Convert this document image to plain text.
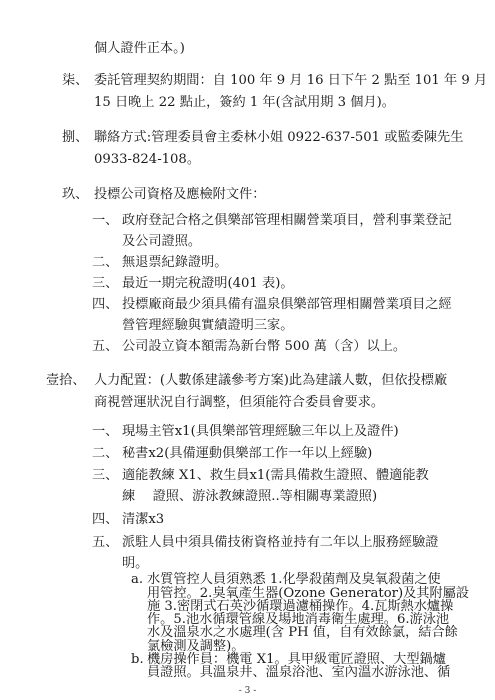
個人證件正本。)
柒、 委託管理契約期間：自 100 年 9 月 16 日下午 2 點至 101 年 9 月
15 日晚上 22 點止，簽約 1 年(含試用期 3 個月)。
捌、 聯絡方式:管理委員會主委林小姐 0922-637-501 或監委陳先生
0933-824-108。
玖、 投標公司資格及應檢附文件：
一、 政府登記合格之俱樂部管理相關營業項目，營利事業登記
及公司證照。
二、 無退票紀錄證明。
三、 最近一期完稅證明(401 表)。
四、 投標廠商最少須具備有溫泉俱樂部管理相關營業項目之經
營管理經驗與實績證明三家。
五、 公司設立資本額需為新台幣 500 萬（含）以上。
壹拾、 人力配置：(人數係建議參考方案)此為建議人數，但依投標廠
商視營運狀況自行調整，但須能符合委員會要求。
一、 現場主管x1(具俱樂部管理經驗三年以上及證件)
二、 秘書x2(具備運動俱樂部工作一年以上經驗)
三、 適能教練 X1、救生員x1(需具備救生證照、體適能教
練　 證照、游泳教練證照..等相關專業證照)
四、 清潔x3
五、 派駐人員中須具備技術資格並持有二年以上服務經驗證
明。
a. 水質管控人員須熟悉 1.化學殺菌劑及臭氧殺菌之使
用管控。2.臭氧產生器(Ozone Generator)及其附屬設
施 3.密閉式石英沙循環過濾桶操作。4.瓦斯熱水爐操
作。5.池水循環管線及場地消毒衛生處理。6.游泳池
水及溫泉水之水處理(含 PH 值，自有效餘氯，結合餘
氯檢測及調整)。
b. 機房操作員：機電 X1。具甲級電匠證照、大型鍋爐
員證照。具溫泉井、溫泉浴池、室內溫水游泳池、循
- 3 -
